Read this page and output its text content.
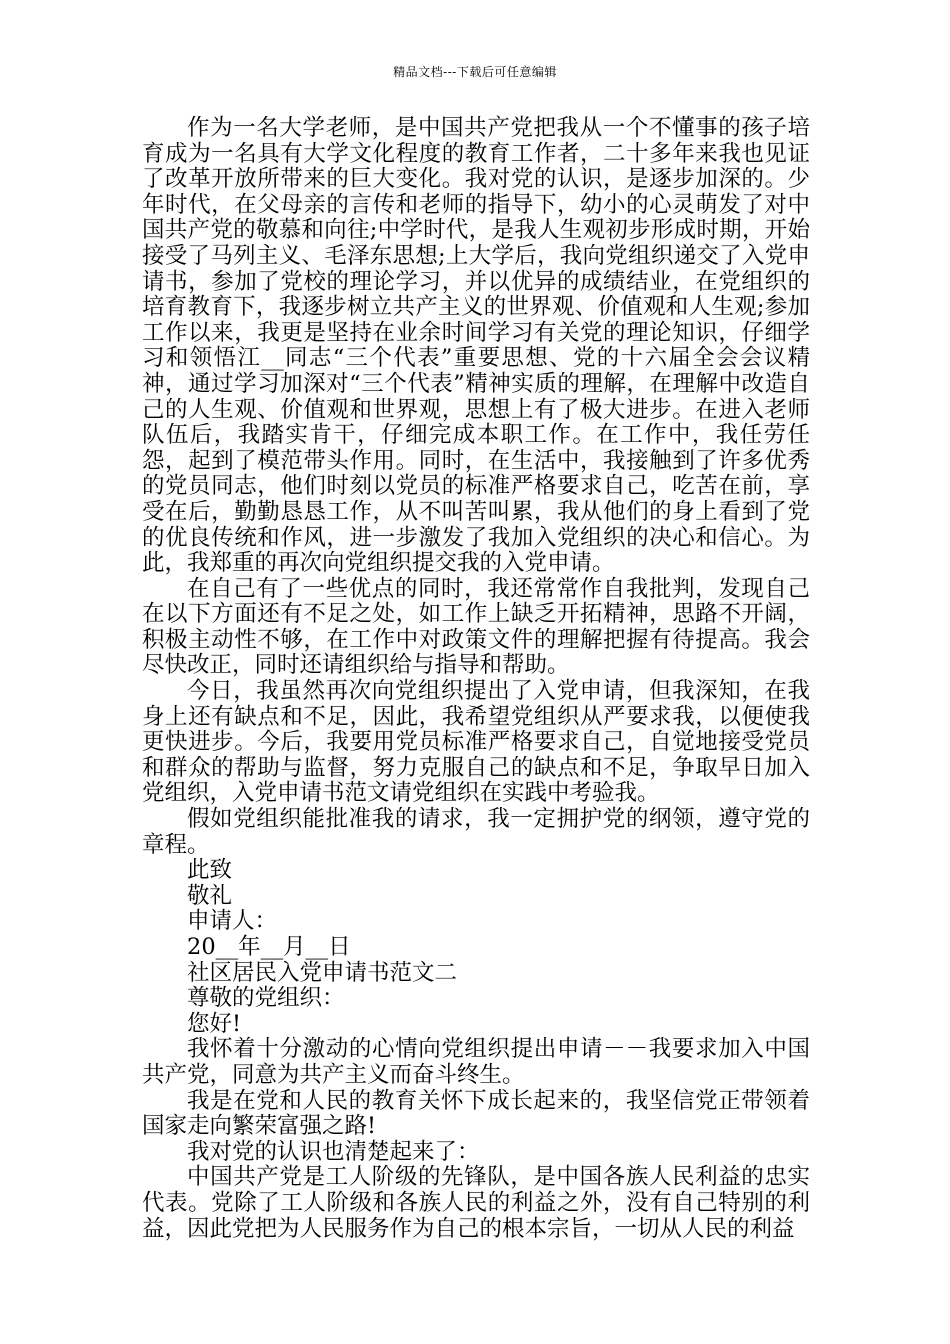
精品文档---下载后可任意编辑

作为一名大学老师，是中国共产党把我从一个不懂事的孩子培育成为一名具有大学文化程度的教育工作者，二十多年来我也见证了改革开放所带来的巨大变化。我对党的认识，是逐步加深的。少年时代，在父母亲的言传和老师的指导下，幼小的心灵萌发了对中国共产党的敬慕和向往;中学时代，是我人生观初步形成时期，开始接受了马列主义、毛泽东思想;上大学后，我向党组织递交了入党申请书，参加了党校的理论学习，并以优异的成绩结业，在党组织的培育教育下，我逐步树立共产主义的世界观、价值观和人生观;参加工作以来，我更是坚持在业余时间学习有关党的理论知识，仔细学习和领悟江__同志“三个代表”重要思想、党的十六届全会会议精神，通过学习加深对“三个代表”精神实质的理解，在理解中改造自己的人生观、价值观和世界观，思想上有了极大进步。在进入老师队伍后，我踏实肯干，仔细完成本职工作。在工作中，我任劳任怨，起到了模范带头作用。同时，在生活中，我接触到了许多优秀的党员同志，他们时刻以党员的标准严格要求自己，吃苦在前，享受在后，勤勤恳恳工作，从不叫苦叫累，我从他们的身上看到了党的优良传统和作风，进一步激发了我加入党组织的决心和信心。为此，我郑重的再次向党组织提交我的入党申请。

在自己有了一些优点的同时，我还常常作自我批判，发现自己在以下方面还有不足之处，如工作上缺乏开拓精神，思路不开阔，积极主动性不够，在工作中对政策文件的理解把握有待提高。我会尽快改正，同时还请组织给与指导和帮助。

今日，我虽然再次向党组织提出了入党申请，但我深知，在我身上还有缺点和不足，因此，我希望党组织从严要求我，以便使我更快进步。今后，我要用党员标准严格要求自己，自觉地接受党员和群众的帮助与监督，努力克服自己的缺点和不足，争取早日加入党组织，入党申请书范文请党组织在实践中考验我。

假如党组织能批准我的请求，我一定拥护党的纲领，遵守党的章程。

此致

敬礼

申请人：

20__年__月__日

社区居民入党申请书范文二

尊敬的党组织：

您好!

我怀着十分激动的心情向党组织提出申请－－我要求加入中国共产党，同意为共产主义而奋斗终生。

我是在党和人民的教育关怀下成长起来的，我坚信党正带领着国家走向繁荣富强之路!

我对党的认识也清楚起来了：

中国共产党是工人阶级的先锋队，是中国各族人民利益的忠实代表。党除了工人阶级和各族人民的利益之外，没有自己特别的利益，因此党把为人民服务作为自己的根本宗旨，一切从人民的利益
